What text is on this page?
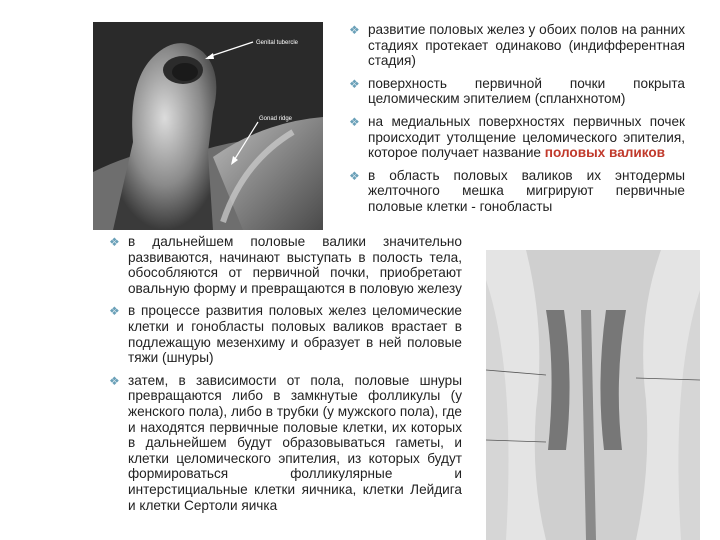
Genital tubercle
Gonad ridge
❖ развитие половых желез у обоих полов на ранних стадиях протекает одинаково (индифферентная стадия)
❖ поверхность первичной почки покрыта целомическим эпителием (спланхнотом)
❖ на медиальных поверхностях первичных почек происходит утолщение целомического эпителия, которое получает название половых валиков
❖ в область половых валиков их энтодермы желточного мешка мигрируют первичные половые клетки - гонобласты
❖ в дальнейшем половые валики значительно развиваются, начинают выступать в полость тела, обособляются от первичной почки, приобретают овальную форму и превращаются в половую железу
❖ в процессе развития половых желез целомические клетки и гонобласты половых валиков врастает в подлежащую мезенхиму и образует в ней половые тяжи (шнуры)
❖ затем, в зависимости от пола, половые шнуры превращаются либо в замкнутые фолликулы (у женского пола), либо в трубки (у мужского пола), где и находятся первичные половые клетки, их которых в дальнейшем будут образовываться гаметы, и клетки целомического эпителия, из которых будут формироваться фолликулярные и интерстициальные клетки яичника, клетки Лейдига и клетки Сертоли яичка
